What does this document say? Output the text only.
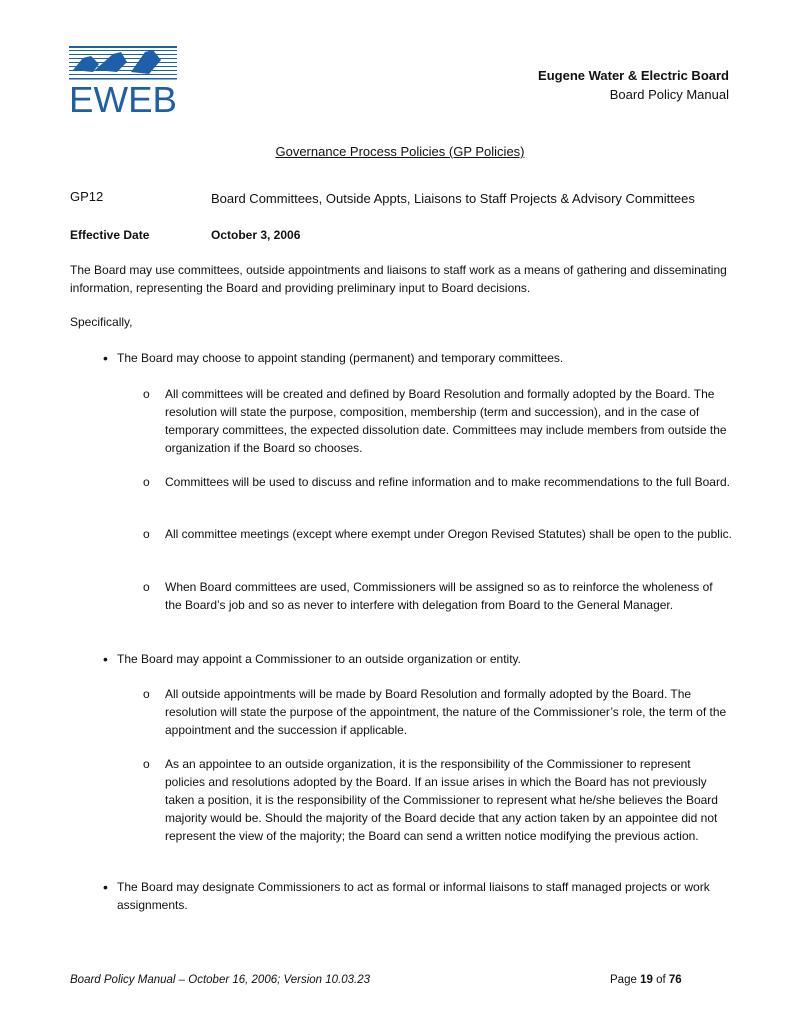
EWEB
Eugene Water & Electric Board
Board Policy Manual
Governance Process Policies (GP Policies)
GP12	Board Committees, Outside Appts, Liaisons to Staff Projects & Advisory Committees
Effective Date	October 3, 2006
The Board may use committees, outside appointments and liaisons to staff work as a means of gathering and disseminating information, representing the Board and providing preliminary input to Board decisions.
Specifically,
• The Board may choose to appoint standing (permanent) and temporary committees.
o All committees will be created and defined by Board Resolution and formally adopted by the Board. The resolution will state the purpose, composition, membership (term and succession), and in the case of temporary committees, the expected dissolution date. Committees may include members from outside the organization if the Board so chooses.
o Committees will be used to discuss and refine information and to make recommendations to the full Board.
o All committee meetings (except where exempt under Oregon Revised Statutes) shall be open to the public.
o When Board committees are used, Commissioners will be assigned so as to reinforce the wholeness of the Board’s job and so as never to interfere with delegation from Board to the General Manager.
• The Board may appoint a Commissioner to an outside organization or entity.
o All outside appointments will be made by Board Resolution and formally adopted by the Board. The resolution will state the purpose of the appointment, the nature of the Commissioner’s role, the term of the appointment and the succession if applicable.
o As an appointee to an outside organization, it is the responsibility of the Commissioner to represent policies and resolutions adopted by the Board. If an issue arises in which the Board has not previously taken a position, it is the responsibility of the Commissioner to represent what he/she believes the Board majority would be. Should the majority of the Board decide that any action taken by an appointee did not represent the view of the majority; the Board can send a written notice modifying the previous action.
• The Board may designate Commissioners to act as formal or informal liaisons to staff managed projects or work assignments.
Board Policy Manual – October 16, 2006; Version 10.03.23	Page 19 of 76
